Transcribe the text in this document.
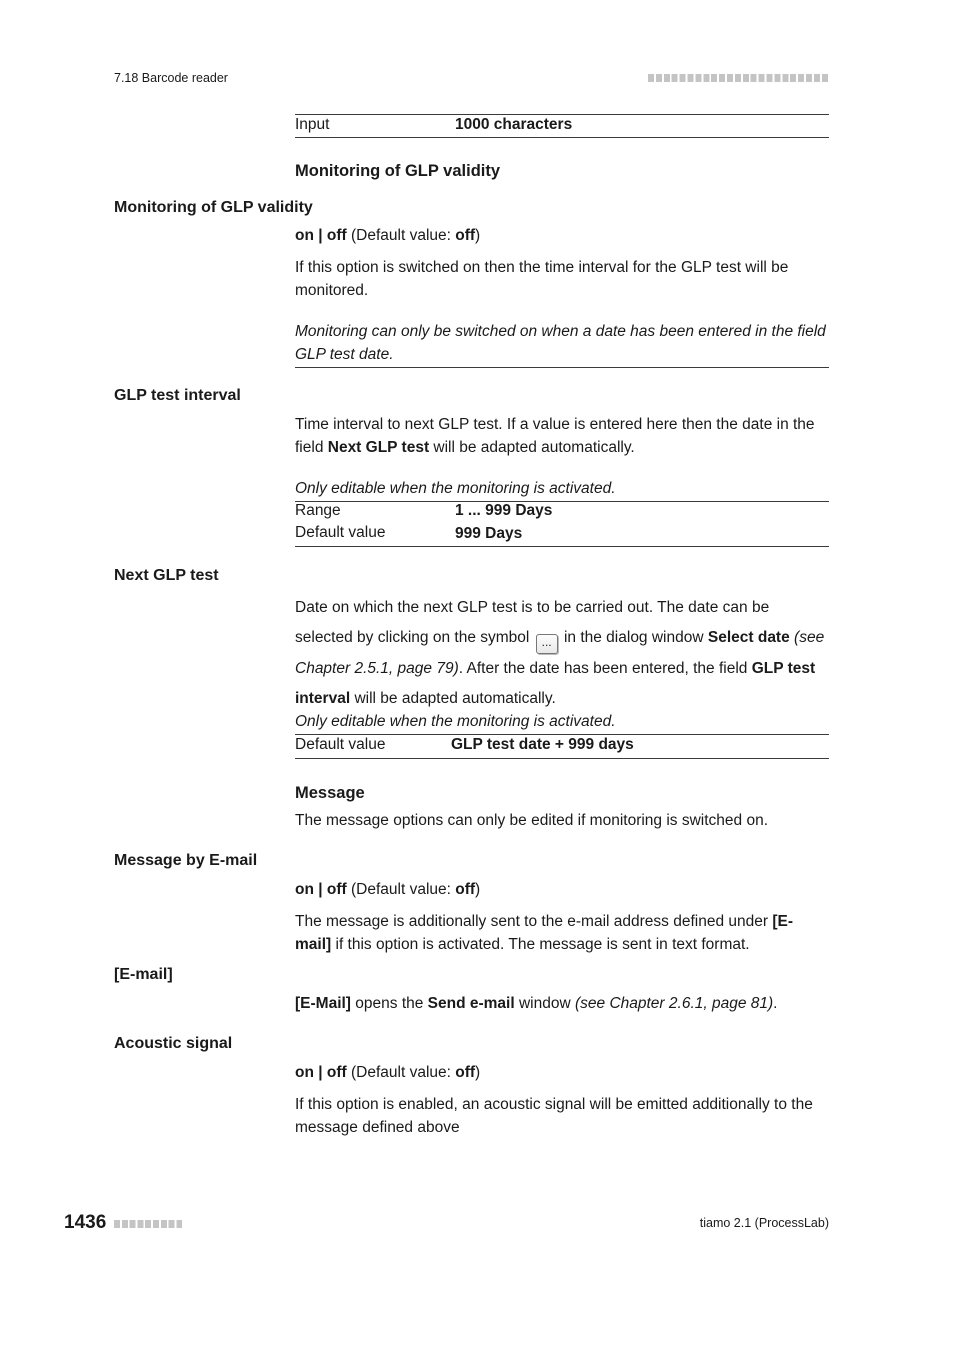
7.18 Barcode reader
Input	1000 characters
Monitoring of GLP validity
Monitoring of GLP validity
on | off (Default value: off)
If this option is switched on then the time interval for the GLP test will be monitored.
Monitoring can only be switched on when a date has been entered in the field GLP test date.
GLP test interval
Time interval to next GLP test. If a value is entered here then the date in the field Next GLP test will be adapted automatically.
Only editable when the monitoring is activated.
Range	1 ... 999 Days
Default value	999 Days
Next GLP test
Date on which the next GLP test is to be carried out. The date can be selected by clicking on the symbol ... in the dialog window Select date (see Chapter 2.5.1, page 79). After the date has been entered, the field GLP test interval will be adapted automatically.
Only editable when the monitoring is activated.
Default value	GLP test date + 999 days
Message
The message options can only be edited if monitoring is switched on.
Message by E-mail
on | off (Default value: off)
The message is additionally sent to the e-mail address defined under [E-mail] if this option is activated. The message is sent in text format.
[E-mail]
[E-Mail] opens the Send e-mail window (see Chapter 2.6.1, page 81).
Acoustic signal
on | off (Default value: off)
If this option is enabled, an acoustic signal will be emitted additionally to the message defined above
1436	tiamo 2.1 (ProcessLab)
